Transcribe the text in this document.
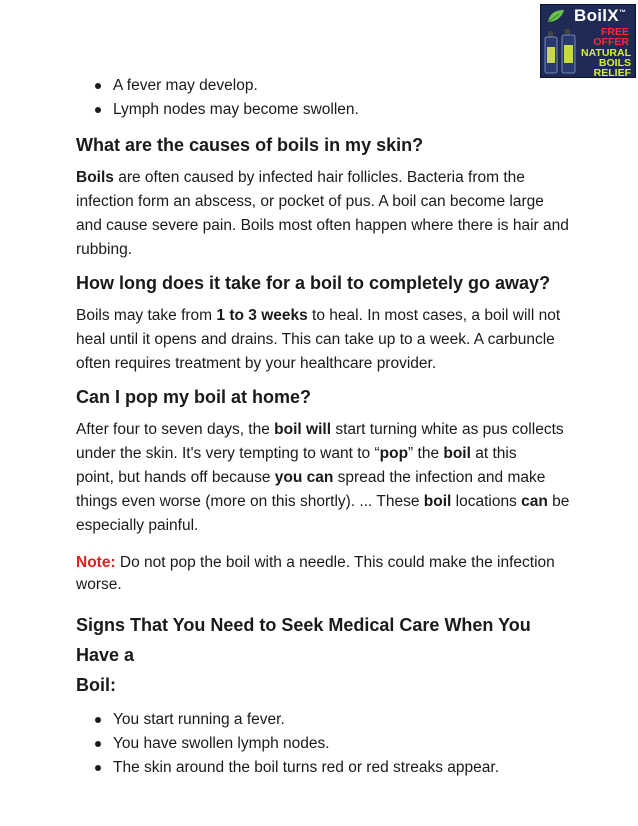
BoilX™
FREE
OFFER
NATURAL
BOILS
RELIEF
A fever may develop.
Lymph nodes may become swollen.
What are the causes of boils in my skin?

Boils are often caused by infected hair follicles. Bacteria from the
infection form an abscess, or pocket of pus. A boil can become large
and cause severe pain. Boils most often happen where there is hair and
rubbing.

How long does it take for a boil to completely go away?

Boils may take from 1 to 3 weeks to heal. In most cases, a boil will not
heal until it opens and drains. This can take up to a week. A carbuncle
often requires treatment by your healthcare provider.

Can I pop my boil at home?

After four to seven days, the boil will start turning white as pus collects
under the skin. It's very tempting to want to “pop” the boil at this
point, but hands off because you can spread the infection and make
things even worse (more on this shortly). ... These boil locations can be
especially painful.

Note: Do not pop the boil with a needle. This could make the infection
worse.
Signs That You Need to Seek Medical Care When You Have a
Boil:
You start running a fever.
You have swollen lymph nodes.
The skin around the boil turns red or red streaks appear.
